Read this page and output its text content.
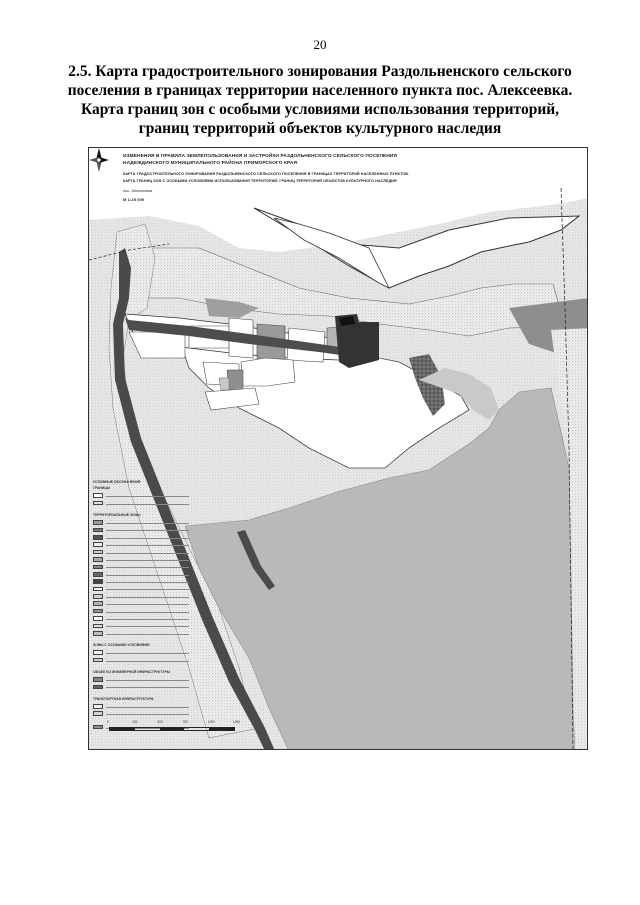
20
2.5. Карта градостроительного зонирования Раздольненского сельского
поселения в границах территории населенного пункта пос. Алексеевка.
Карта границ зон с особыми условиями использования территорий,
границ территорий объектов культурного наследия
ИЗМЕНЕНИЯ В ПРАВИЛА ЗЕМЛЕПОЛЬЗОВАНИЯ И ЗАСТРОЙКИ РАЗДОЛЬНЕНСКОГО СЕЛЬСКОГО ПОСЕЛЕНИЯ
НАДЕЖДИНСКОГО МУНИЦИПАЛЬНОГО РАЙОНА ПРИМОРСКОГО КРАЯ
КАРТА ГРАДОСТРОИТЕЛЬНОГО ЗОНИРОВАНИЯ РАЗДОЛЬНЕНСКОГО СЕЛЬСКОГО ПОСЕЛЕНИЯ В ГРАНИЦАХ ТЕРРИТОРИЙ НАСЕЛЕННЫХ ПУНКТОВ.
КАРТА ГРАНИЦ ЗОН С ОСОБЫМИ УСЛОВИЯМИ ИСПОЛЬЗОВАНИЯ ТЕРРИТОРИЙ, ГРАНИЦ ТЕРРИТОРИЙ ОБЪЕКТОВ КУЛЬТУРНОГО НАСЛЕДИЯ
пос. Алексеевка
М 1:25 000
УСЛОВНЫЕ ОБОЗНАЧЕНИЯ
ГРАНИЦЫ
ТЕРРИТОРИАЛЬНЫЕ ЗОНЫ
ЗОНЫ С ОСОБЫМИ УСЛОВИЯМИ
ОБЪЕКТЫ ИНЖЕНЕРНОЙ ИНФРАСТРУКТУРЫ
ТРАНСПОРТНАЯ ИНФРАСТРУКТУРА
0	250	500	750	1000	1250
